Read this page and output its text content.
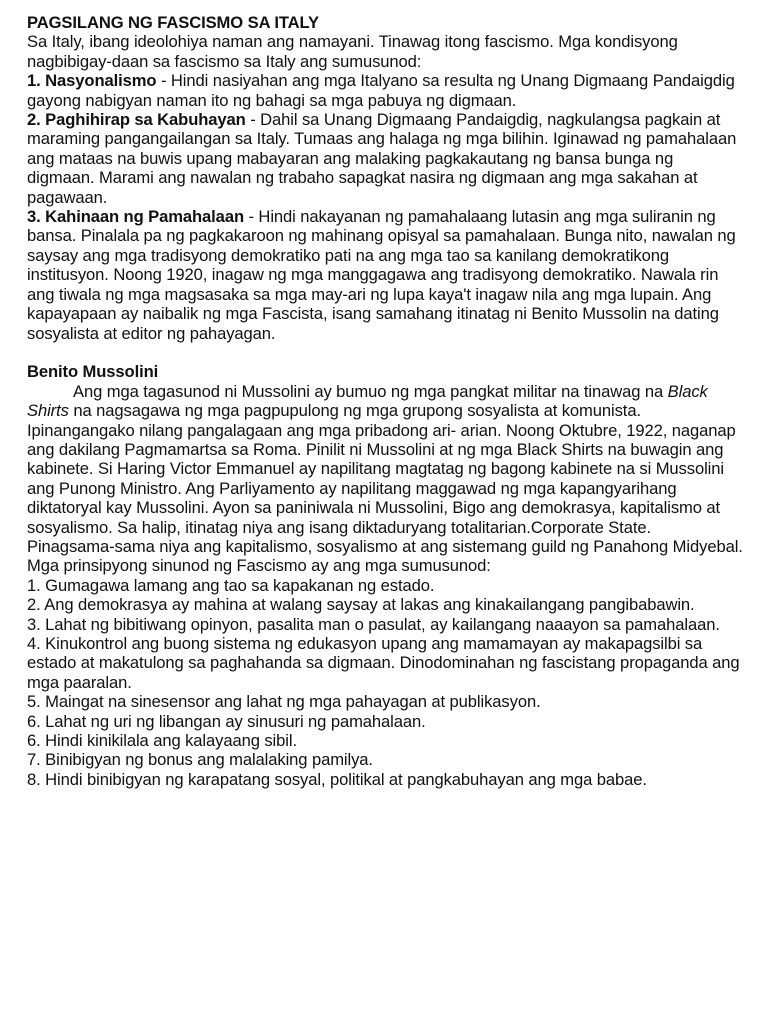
PAGSILANG NG FASCISMO SA ITALY

Sa Italy, ibang ideolohiya naman ang namayani. Tinawag itong fascismo. Mga kondisyong nagbibigay-daan sa fascismo sa Italy ang sumusunod:

1. Nasyonalismo - Hindi nasiyahan ang mga Italyano sa resulta ng Unang Digmaang Pandaigdig gayong nabigyan naman ito ng bahagi sa mga pabuya ng digmaan.

2. Paghihirap sa Kabuhayan - Dahil sa Unang Digmaang Pandaigdig, nagkulangsa pagkain at maraming pangangailangan sa Italy. Tumaas ang halaga ng mga bilihin. Iginawad ng pamahalaan ang mataas na buwis upang mabayaran ang malaking pagkakautang ng bansa bunga ng digmaan. Marami ang nawalan ng trabaho sapagkat nasira ng digmaan ang mga sakahan at pagawaan.

3. Kahinaan ng Pamahalaan - Hindi nakayanan ng pamahalaang lutasin ang mga suliranin ng bansa. Pinalala pa ng pagkakaroon ng mahinang opisyal sa pamahalaan. Bunga nito, nawalan ng saysay ang mga tradisyong demokratiko pati na ang mga tao sa kanilang demokratikong institusyon. Noong 1920, inagaw ng mga manggagawa ang tradisyong demokratiko. Nawala rin ang tiwala ng mga magsasaka sa mga may-ari ng lupa kaya't inagaw nila ang mga lupain. Ang kapayapaan ay naibalik ng mga Fascista, isang samahang itinatag ni Benito Mussolin na dating sosyalista at editor ng pahayagan.

Benito Mussolini

Ang mga tagasunod ni Mussolini ay bumuo ng mga pangkat militar na tinawag na Black Shirts na nagsagawa ng mga pagpupulong ng mga grupong sosyalista at komunista. Ipinangangako nilang pangalagaan ang mga pribadong ari- arian. Noong Oktubre, 1922, naganap ang dakilang Pagmamartsa sa Roma. Pinilit ni Mussolini at ng mga Black Shirts na buwagin ang kabinete. Si Haring Victor Emmanuel ay napilitang magtatag ng bagong kabinete na si Mussolini ang Punong Ministro. Ang Parliyamento ay napilitang maggawad ng mga kapangyarihang diktatoryal kay Mussolini. Ayon sa paniniwala ni Mussolini, Bigo ang demokrasya, kapitalismo at sosyalismo. Sa halip, itinatag niya ang isang diktaduryang totalitarian.Corporate State. Pinagsama-sama niya ang kapitalismo, sosyalismo at ang sistemang guild ng Panahong Midyebal. Mga prinsipyong sinunod ng Fascismo ay ang mga sumusunod:

1. Gumagawa lamang ang tao sa kapakanan ng estado.

2. Ang demokrasya ay mahina at walang saysay at lakas ang kinakailangang pangibabawin.

3. Lahat ng bibitiwang opinyon, pasalita man o pasulat, ay kailangang naaayon sa pamahalaan.

4. Kinukontrol ang buong sistema ng edukasyon upang ang mamamayan ay makapagsilbi sa estado at makatulong sa paghahanda sa digmaan. Dinodominahan ng fascistang propaganda ang mga paaralan.

5. Maingat na sinesensor ang lahat ng mga pahayagan at publikasyon.

6. Lahat ng uri ng libangan ay sinusuri ng pamahalaan.

6. Hindi kinikilala ang kalayaang sibil.

7. Binibigyan ng bonus ang malalaking pamilya.

8. Hindi binibigyan ng karapatang sosyal, politikal at pangkabuhayan ang mga babae.
